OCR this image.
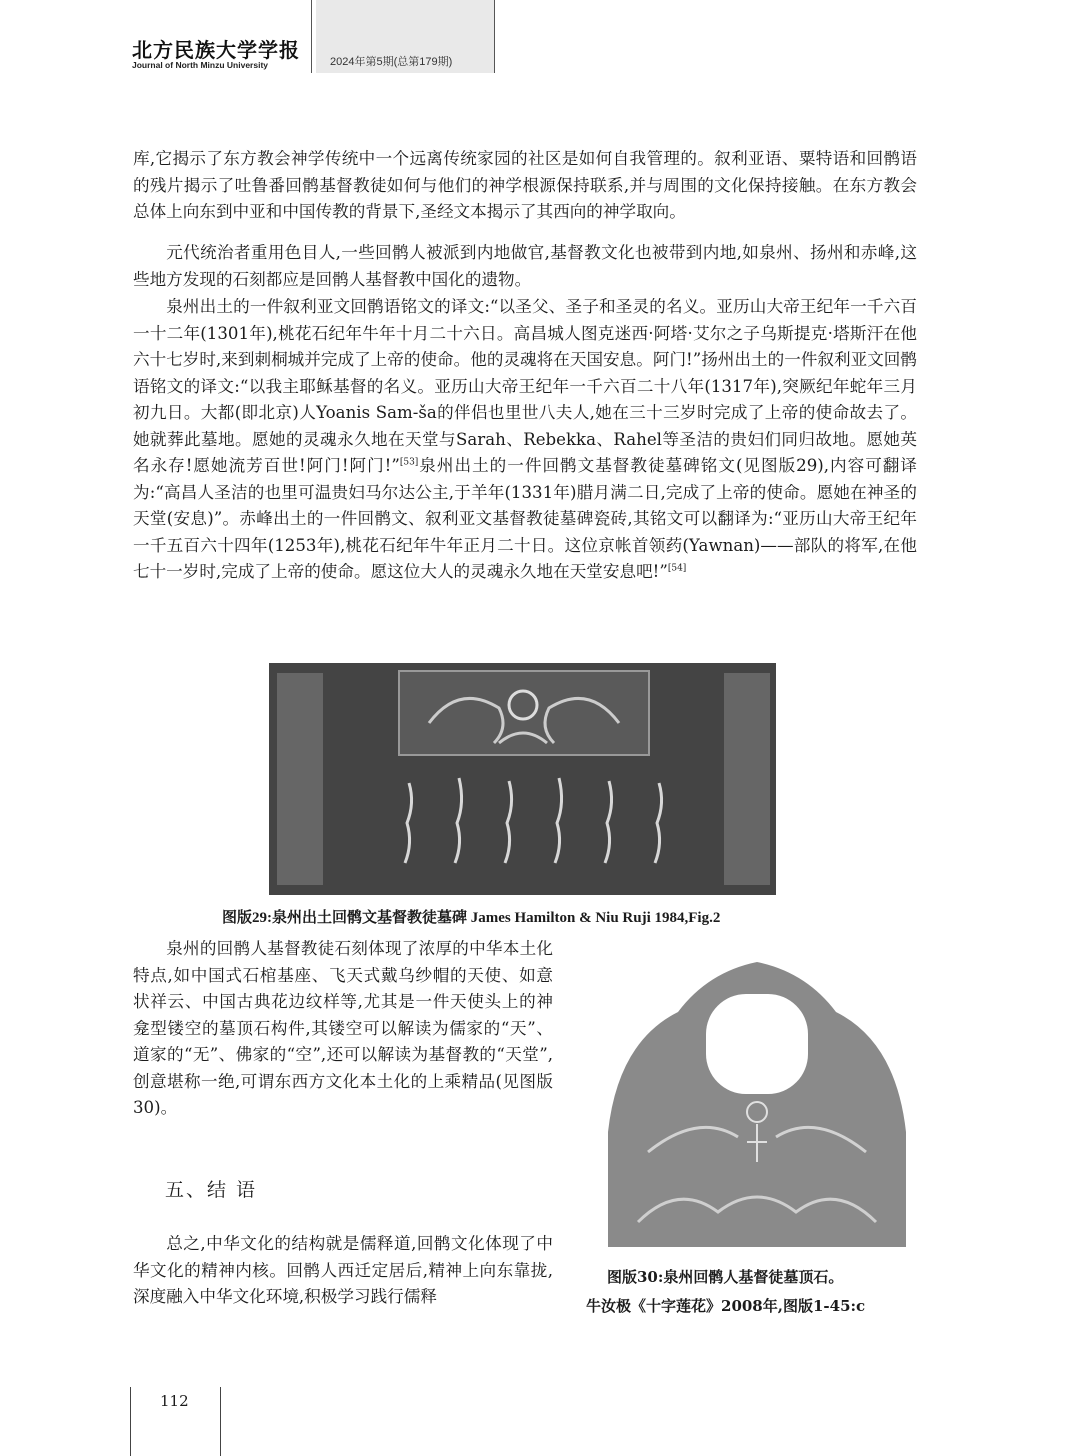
北方民族大学学报
Journal of North Minzu University	2024年第5期(总第179期)

库,它揭示了东方教会神学传统中一个远离传统家园的社区是如何自我管理的。叙利亚语、粟特语和回鹘语的残片揭示了吐鲁番回鹘基督教徒如何与他们的神学根源保持联系,并与周围的文化保持接触。在东方教会总体上向东到中亚和中国传教的背景下,圣经文本揭示了其西向的神学取向。

元代统治者重用色目人,一些回鹘人被派到内地做官,基督教文化也被带到内地,如泉州、扬州和赤峰,这些地方发现的石刻都应是回鹘人基督教中国化的遗物。

泉州出土的一件叙利亚文回鹘语铭文的译文:“以圣父、圣子和圣灵的名义。亚历山大帝王纪年一千六百一十二年(1301年),桃花石纪年牛年十月二十六日。高昌城人图克迷西·阿塔·艾尔之子乌斯提克·塔斯汗在他六十七岁时,来到刺桐城并完成了上帝的使命。他的灵魂将在天国安息。阿门!”扬州出土的一件叙利亚文回鹘语铭文的译文:“以我主耶稣基督的名义。亚历山大帝王纪年一千六百二十八年(1317年),突厥纪年蛇年三月初九日。大都(即北京)人Yoanis Sam-ša的伴侣也里世八夫人,她在三十三岁时完成了上帝的使命故去了。她就葬此墓地。愿她的灵魂永久地在天堂与Sarah、Rebekka、Rahel等圣洁的贵妇们同归故地。愿她英名永存!愿她流芳百世!阿门!阿门!”[53]泉州出土的一件回鹘文基督教徒墓碑铭文(见图版29),内容可翻译为:“高昌人圣洁的也里可温贵妇马尔达公主,于羊年(1331年)腊月满二日,完成了上帝的使命。愿她在神圣的天堂(安息)”。赤峰出土的一件回鹘文、叙利亚文基督教徒墓碑瓷砖,其铭文可以翻译为:“亚历山大帝王纪年一千五百六十四年(1253年),桃花石纪年牛年正月二十日。这位京帐首领药(Yawnan)——部队的将军,在他七十一岁时,完成了上帝的使命。愿这位大人的灵魂永久地在天堂安息吧!”[54]

图版29:泉州出土回鹘文基督教徒墓碑 James Hamilton & Niu Ruji 1984,Fig.2

泉州的回鹘人基督教徒石刻体现了浓厚的中华本土化特点,如中国式石棺基座、飞天式戴乌纱帽的天使、如意状祥云、中国古典花边纹样等,尤其是一件天使头上的神龛型镂空的墓顶石构件,其镂空可以解读为儒家的“天”、道家的“无”、佛家的“空”,还可以解读为基督教的“天堂”,创意堪称一绝,可谓东西方文化本土化的上乘精品(见图版30)。

五、结 语

总之,中华文化的结构就是儒释道,回鹘文化体现了中华文化的精神内核。回鹘人西迁定居后,精神上向东靠拢,深度融入中华文化环境,积极学习践行儒释

图版30:泉州回鹘人基督徒墓顶石。
牛汝极《十字莲花》2008年,图版1-45:c
112
